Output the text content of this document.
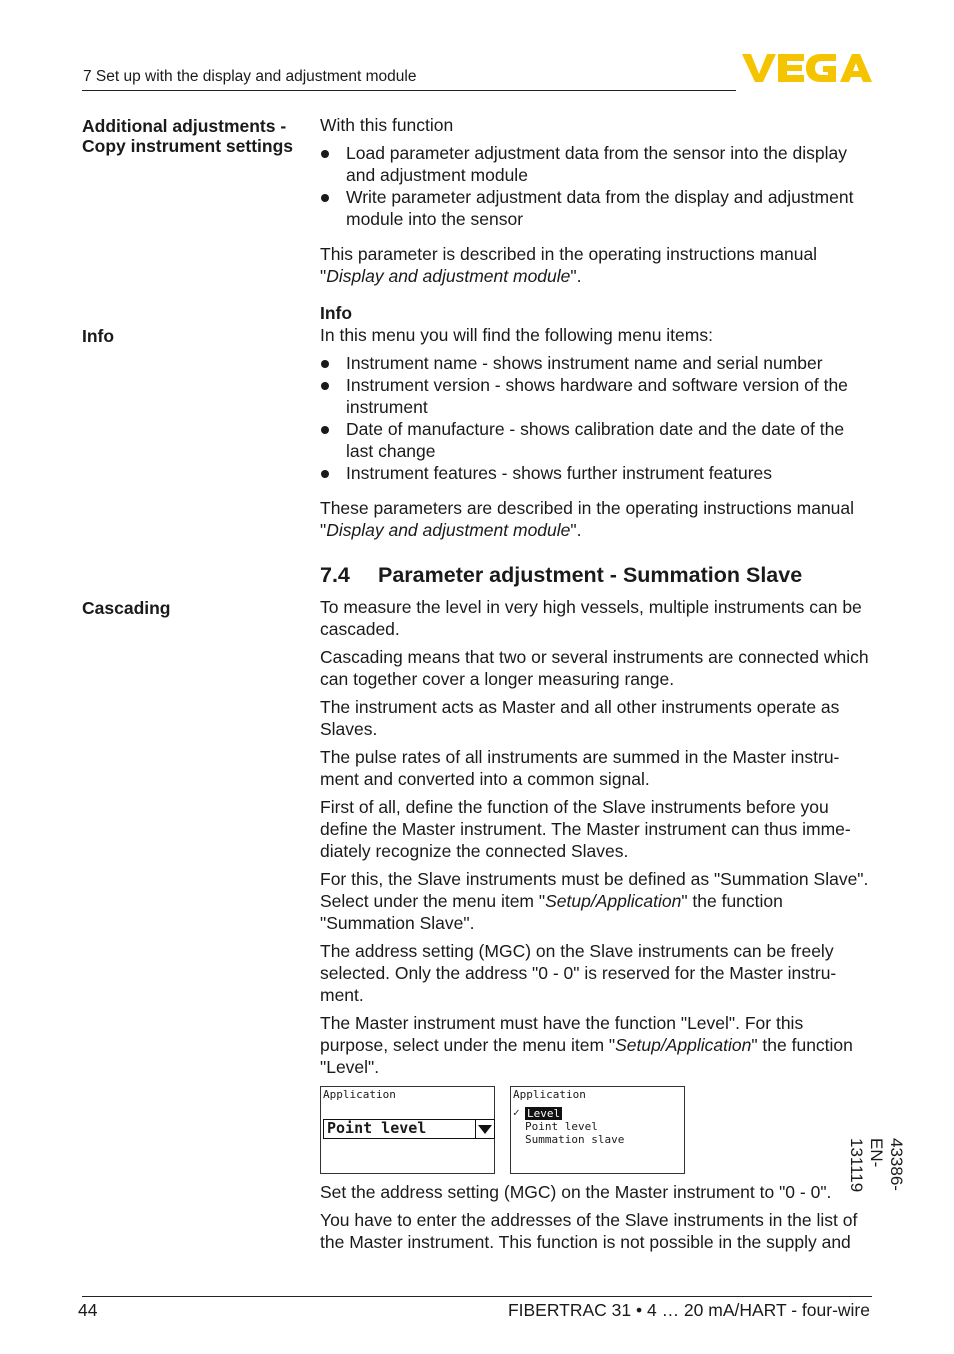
7 Set up with the display and adjustment module
Additional adjustments -
Copy instrument settings
Info
Cascading

With this function

Load parameter adjustment data from the sensor into the display and adjustment module
Write parameter adjustment data from the display and adjustment module into the sensor

This parameter is described in the operating instructions manual "Display and adjustment module".

Info

In this menu you will find the following menu items:

Instrument name - shows instrument name and serial number
Instrument version - shows hardware and software version of the instrument
Date of manufacture - shows calibration date and the date of the last change
Instrument features - shows further instrument features

These parameters are described in the operating instructions manual "Display and adjustment module".

7.4 Parameter adjustment - Summation Slave

To measure the level in very high vessels, multiple instruments can be cascaded.

Cascading means that two or several instruments are connected which can together cover a longer measuring range.

The instrument acts as Master and all other instruments operate as Slaves.

The pulse rates of all instruments are summed in the Master instru-ment and converted into a common signal.

First of all, define the function of the Slave instruments before you define the Master instrument. The Master instrument can thus imme-diately recognize the connected Slaves.

For this, the Slave instruments must be defined as "Summation Slave". Select under the menu item "Setup/Application" the function "Summation Slave".

The address setting (MGC) on the Slave instruments can be freely selected. Only the address "0 - 0" is reserved for the Master instru-ment.

The Master instrument must have the function "Level". For this purpose, select under the menu item "Setup/Application" the function "Level".

Application
Point level
Application
✓ Level
Point level
Summation slave

Set the address setting (MGC) on the Master instrument to "0 - 0".

You have to enter the addresses of the Slave instruments in the list of the Master instrument. This function is not possible in the supply and

43386-EN-131119
44	FIBERTRAC 31 • 4 … 20 mA/HART - four-wire
